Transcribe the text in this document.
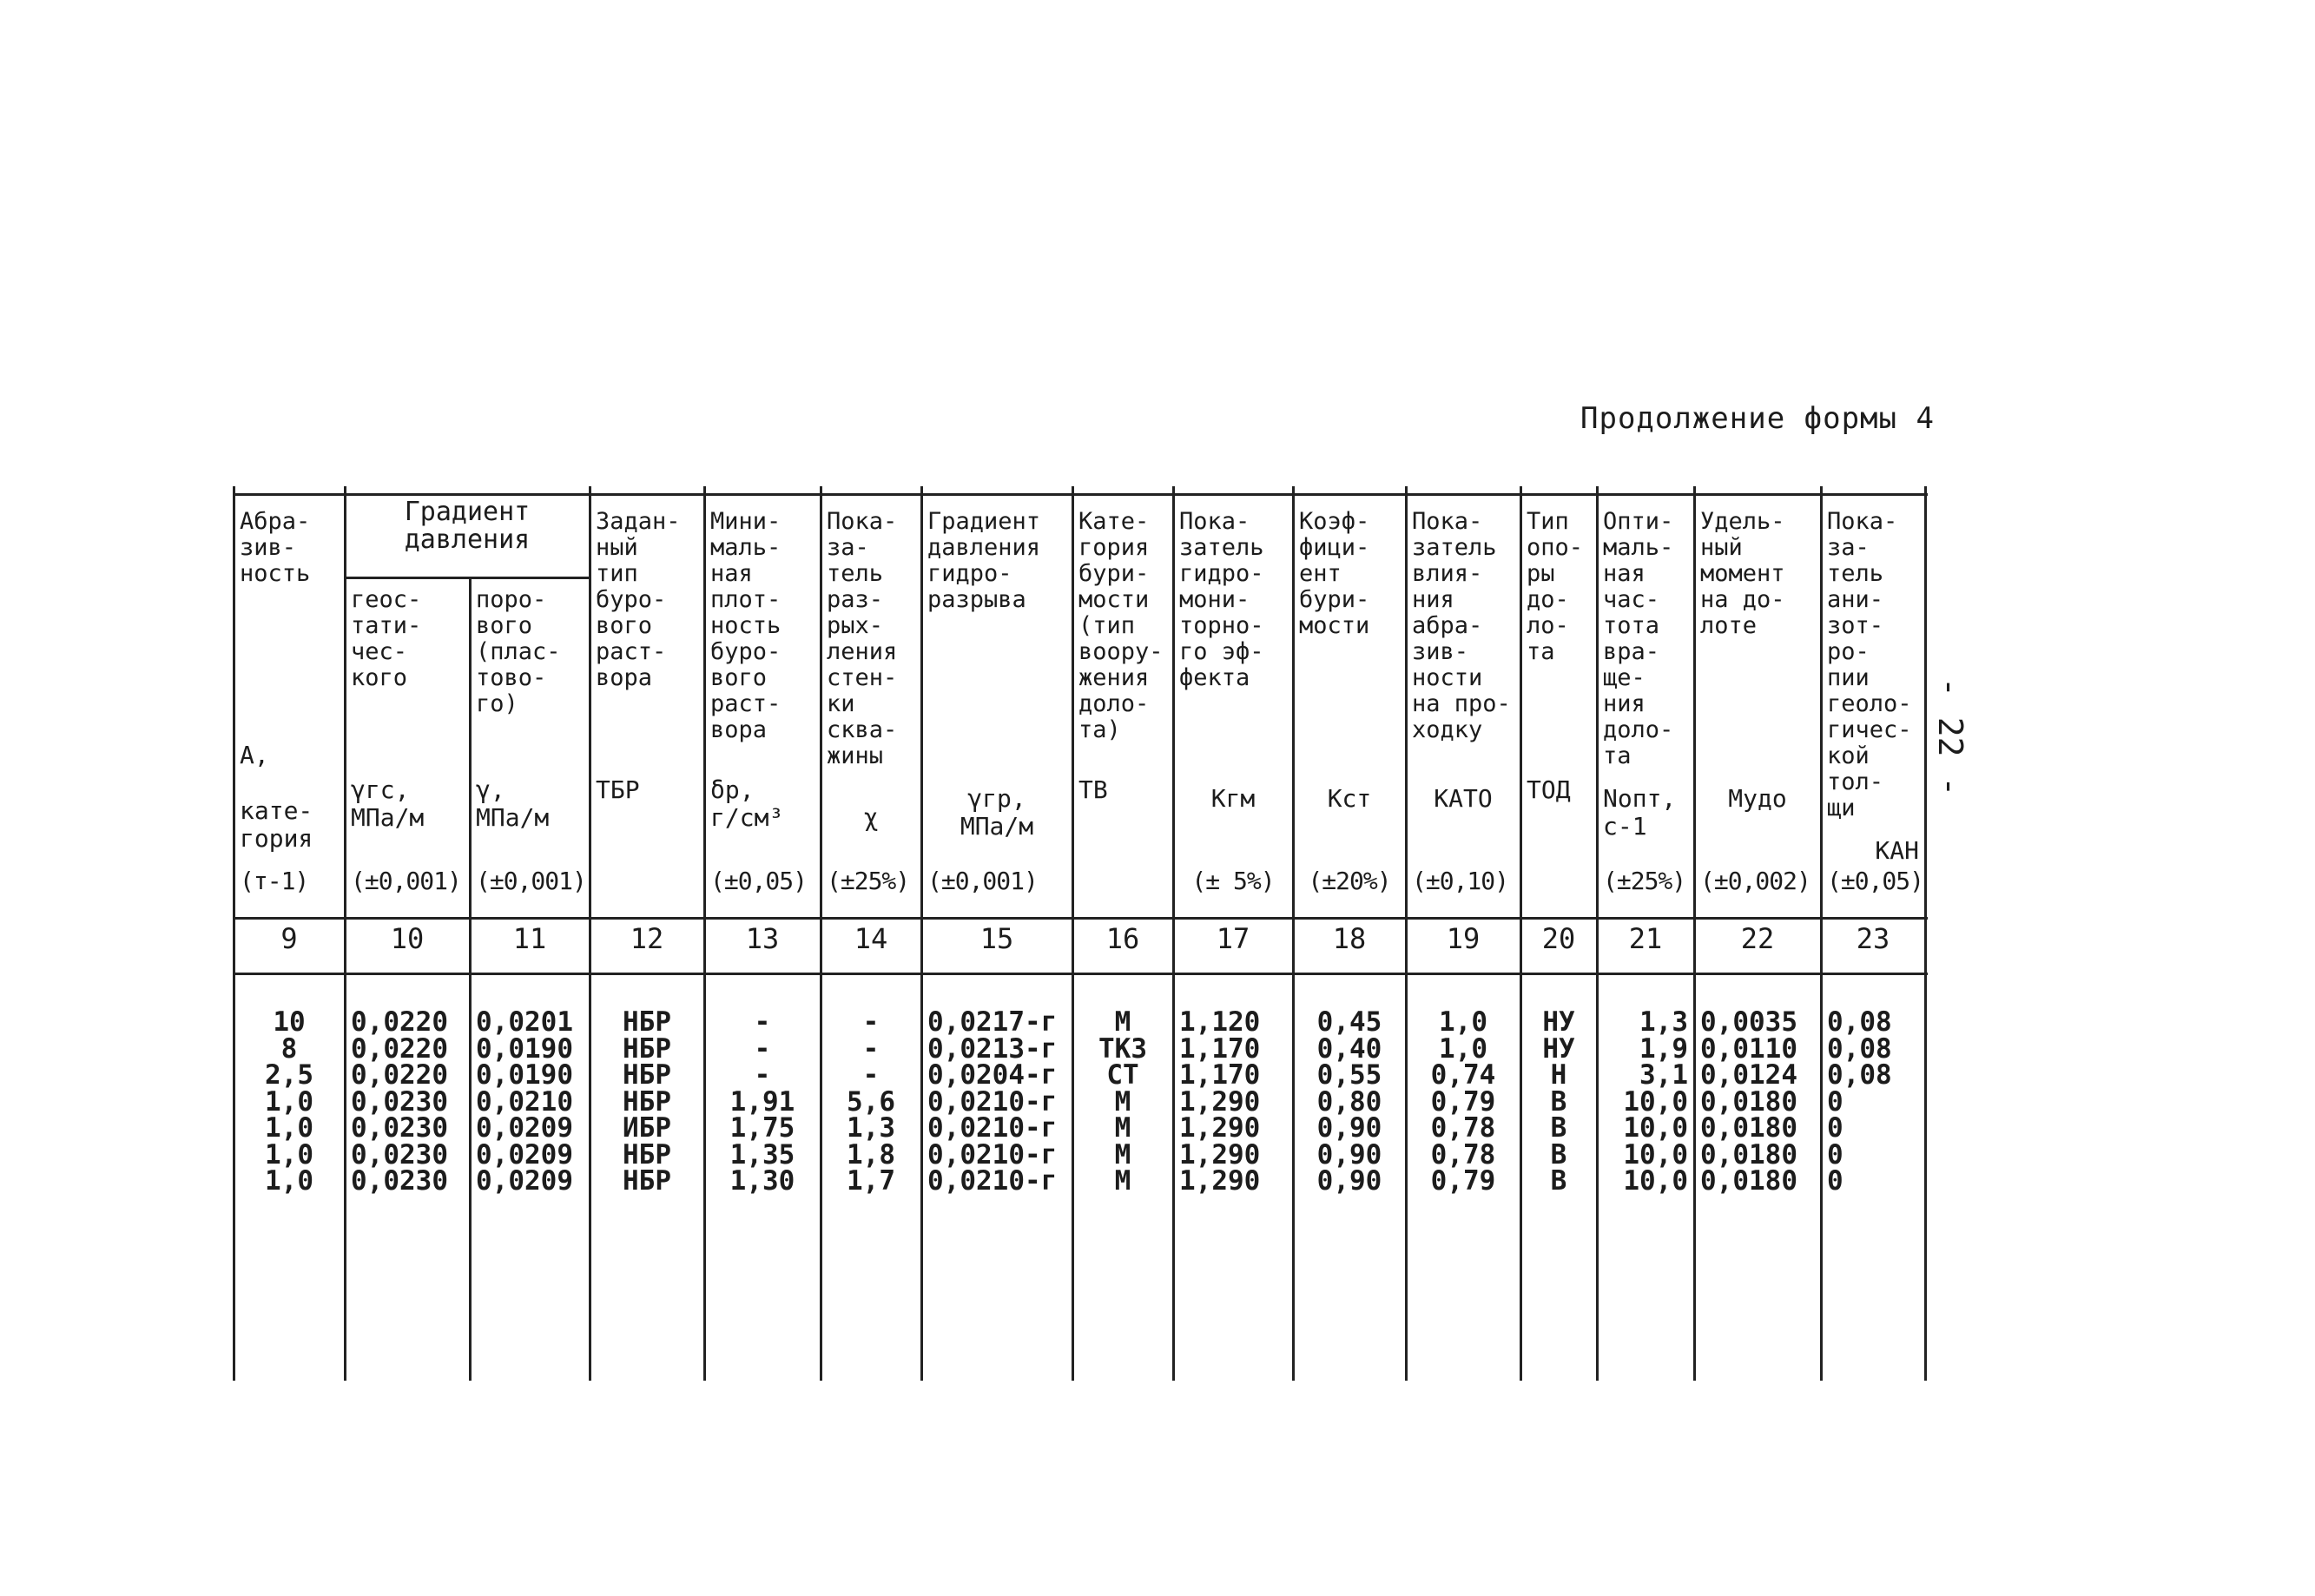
Продолжение формы 4
- 22 -
Градиент давления
Абра-
зив-
ность
А,

кате-
гория
(т-1)
9
10
8
2,5
1,0
1,0
1,0
1,0
геос-
тати-
чес-
кого
γгс,
МПа/м
(±0,001)
10
0,0220
0,0220
0,0220
0,0230
0,0230
0,0230
0,0230
поро-
вого
(плас-
тово-
го)
γ,
МПа/м
(±0,001)
11
0,0201
0,0190
0,0190
0,0210
0,0209
0,0209
0,0209
Задан-
ный
тип
буро-
вого
раст-
вора
ТБР
12
НБР
НБР
НБР
НБР
ИБР
НБР
НБР
Мини-
маль-
ная
плот-
ность
буро-
вого
раст-
вора
δр,
г/см³
(±0,05)
13
-
-
-
1,91
1,75
1,35
1,30
Пока-
за-
тель
раз-
рых-
ления
стен-
ки
сква-
жины
χ
(±25%)
14
-
-
-
5,6
1,3
1,8
1,7
Градиент
давления
гидро-
разрыва
γгр,
МПа/м
(±0,001)
15
0,0217-г
0,0213-г
0,0204-г
0,0210-г
0,0210-г
0,0210-г
0,0210-г
Кате-
гория
бури-
мости
(тип
воору-
жения
доло-
та)
ТВ
16
М
ТКЗ
СТ
М
М
М
М
Пока-
затель
гидро-
мони-
торно-
го эф-
фекта
Кгм
(± 5%)
17
1,120
1,170
1,170
1,290
1,290
1,290
1,290
Коэф-
фици-
ент
бури-
мости
Кст
(±20%)
18
0,45
0,40
0,55
0,80
0,90
0,90
0,90
Пока-
затель
влия-
ния
абра-
зив-
ности
на про-
ходку
КАТО
(±0,10)
19
1,0
1,0
0,74
0,79
0,78
0,78
0,79
Тип
опо-
ры
до-
ло-
та
ТОД
20
НУ
НУ
Н
В
В
В
В
Опти-
маль-
ная
час-
тота
вра-
ще-
ния
доло-
та
Nопт,
с-1
(±25%)
21
1,3
1,9
3,1
10,0
10,0
10,0
10,0
Удель-
ный
момент
на до-
лоте
Мудо
(±0,002)
22
0,0035
0,0110
0,0124
0,0180
0,0180
0,0180
0,0180
Пока-
за-
тель
ани-
зот-
ро-
пии
геоло-
гичес-
кой
тол-
щи
КАН
(±0,05)
23
0,08
0,08
0,08
0
0
0
0
